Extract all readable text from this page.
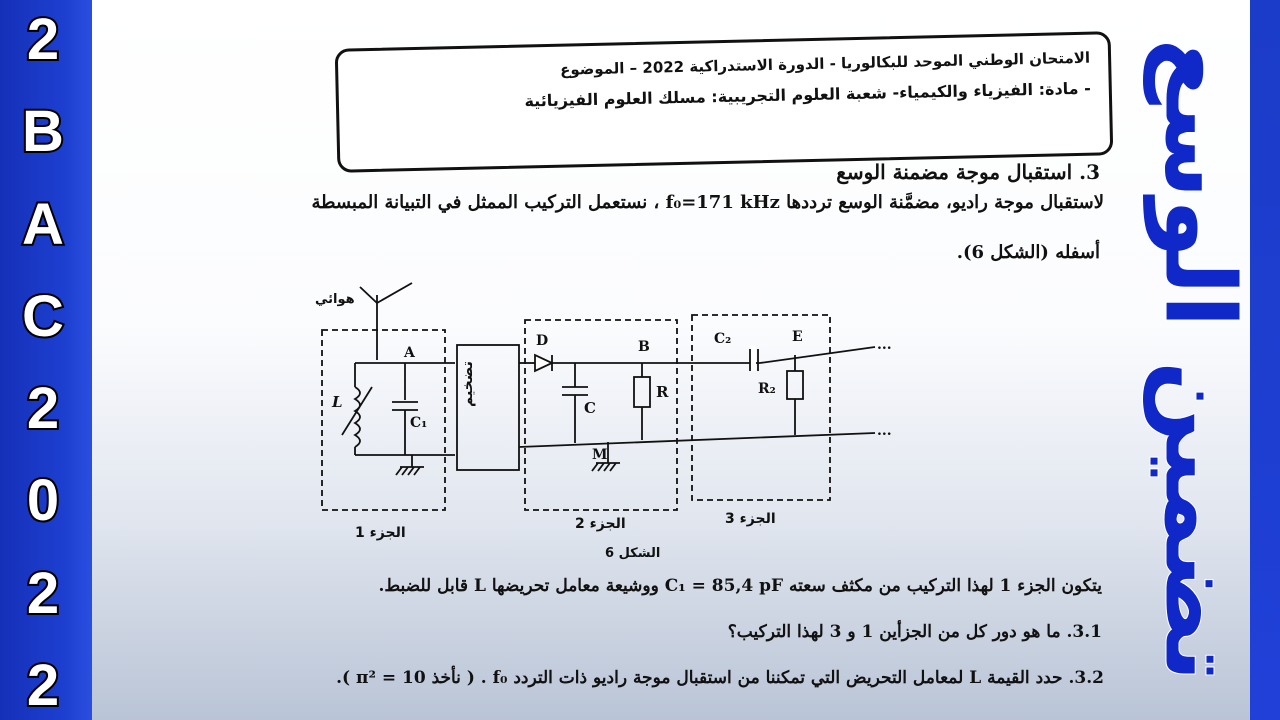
2
B
A
C
2
0
2
2
تضمين الوسع
الامتحان الوطني الموحد للبكالوريا - الدورة الاستدراكية 2022 – الموضوع
- مادة: الفيزياء والكيمياء- شعبة العلوم التجريبية: مسلك العلوم الفيزيائية
3. استقبال موجة مضمنة الوسع
لاستقبال موجة راديو، مضمَّنة الوسع ترددها f₀=171 kHz ، نستعمل التركيب الممثل في التبيانة المبسطة
أسفله (الشكل 6).
هوائي
A
L
C₁
تضخيم
D	B
C
R
M
C₂	E
R₂
...
...
الجزء 1
الجزء 2	الجزء 3
الشكل 6
يتكون الجزء 1 لهذا التركيب من مكثف سعته C₁ = 85,4 pF ووشيعة معامل تحريضها L قابل للضبط.
3.1. ما هو دور كل من الجزأين 1 و 3 لهذا التركيب؟
3.2. حدد القيمة L لمعامل التحريض التي تمكننا من استقبال موجة راديو ذات التردد f₀ . ( نأخذ π² = 10 ).
